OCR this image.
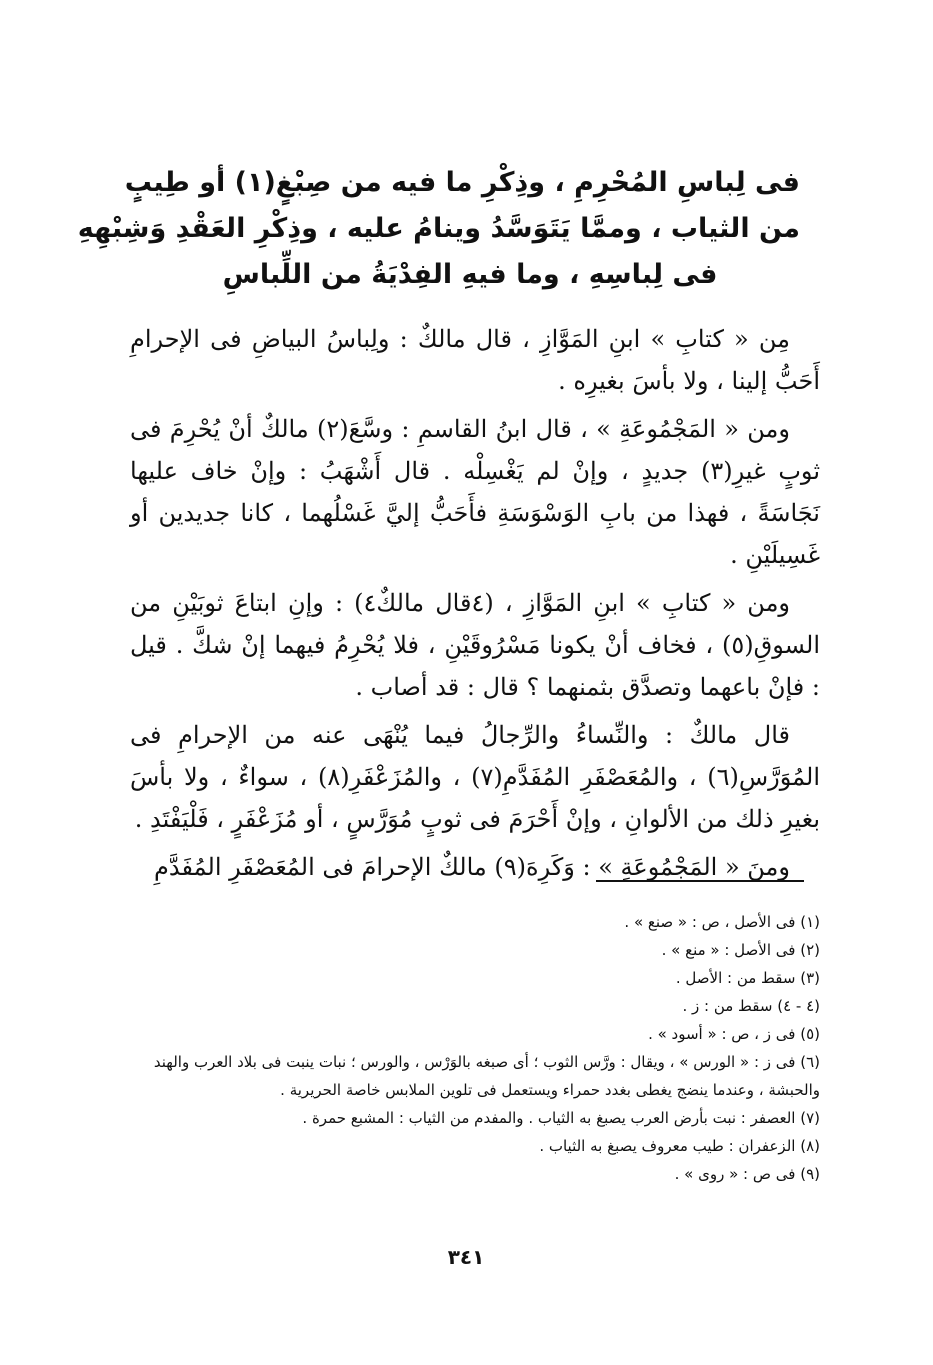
فى لِباسِ المُحْرِمِ ، وذِكْرِ ما فيه من صِبْغٍ(١) أو طِيبٍ
من الثياب ، وممَّا يَتَوَسَّدُ وينامُ عليه ، وذِكْرِ العَقْدِ وَشِبْهِهِ
فى لِباسِهِ ، وما فيهِ الفِدْيَةُ من اللِّباسِ

مِن « كتابِ » ابنِ المَوَّازِ ، قال مالكٌ : ولِباسُ البياضِ فى الإحرامِ أَحَبُّ إلينا ، ولا بأسَ بغيرِه .

ومن « المَجْمُوعَةِ » ، قال ابنُ القاسمِ : وسَّعَ(٢) مالكٌ أنْ يُحْرِمَ فى ثوبٍ غيرِ(٣) جديدٍ ، وإنْ لم يَغْسِلْه . قال أَشْهَبُ : وإنْ خاف عليها نَجَاسَةً ، فهذا من بابِ الوَسْوَسَةِ فأَحَبُّ إليَّ غَسْلُهما ، كانا جديدين أو غَسِيلَيْنِ .

ومن « كتابِ » ابنِ المَوَّازِ ، (٤قال مالكٌ٤) : وإنِ ابتاعَ ثوبَيْنِ من السوقِ(٥) ، فخاف أنْ يكونا مَسْرُوقَيْنِ ، فلا يُحْرِمُ فيهما إنْ شكَّ . قيل : فإنْ باعهما وتصدَّق بثمنهما ؟ قال : قد أصاب .

قال مالكٌ : والنِّساءُ والرِّجالُ فيما يُنْهَى عنه من الإحرامِ فى المُوَرَّسِ(٦) ، والمُعَصْفَرِ المُفَدَّمِ(٧) ، والمُزَعْفَرِ(٨) ، سواءٌ ، ولا بأسَ بغيرِ ذلك من الألوانِ ، وإنْ أَحْرَمَ فى ثوبٍ مُوَرَّسٍ ، أو مُزَعْفَرٍ ، فَلْيَفْتَدِ .

ومنَ « المَجْمُوعَةِ » : وَكَرِهَ(٩) مالكٌ الإحرامَ فى المُعَصْفَرِ المُفَدَّمِ

(١) فى الأصل ، ص : « صنع » .

(٢) فى الأصل : « منع » .

(٣) سقط من : الأصل .

(٤ - ٤) سقط من : ز .

(٥) فى ز ، ص : « أسود » .

(٦) فى ز : « الورس » ، ويقال : ورَّس الثوب ؛ أى صبغه بالوَرْس ، والورس ؛ نبات ينبت فى بلاد العرب والهند والحبشة ، وعندما ينضج يغطى بغدد حمراء ويستعمل فى تلوين الملابس خاصة الحريرية .

(٧) العصفر : نبت بأرض العرب يصبغ به الثياب . والمفدم من الثياب : المشبع حمرة .

(٨) الزعفران : طيب معروف يصبغ به الثياب .

(٩) فى ص : « روى » .

٣٤١
